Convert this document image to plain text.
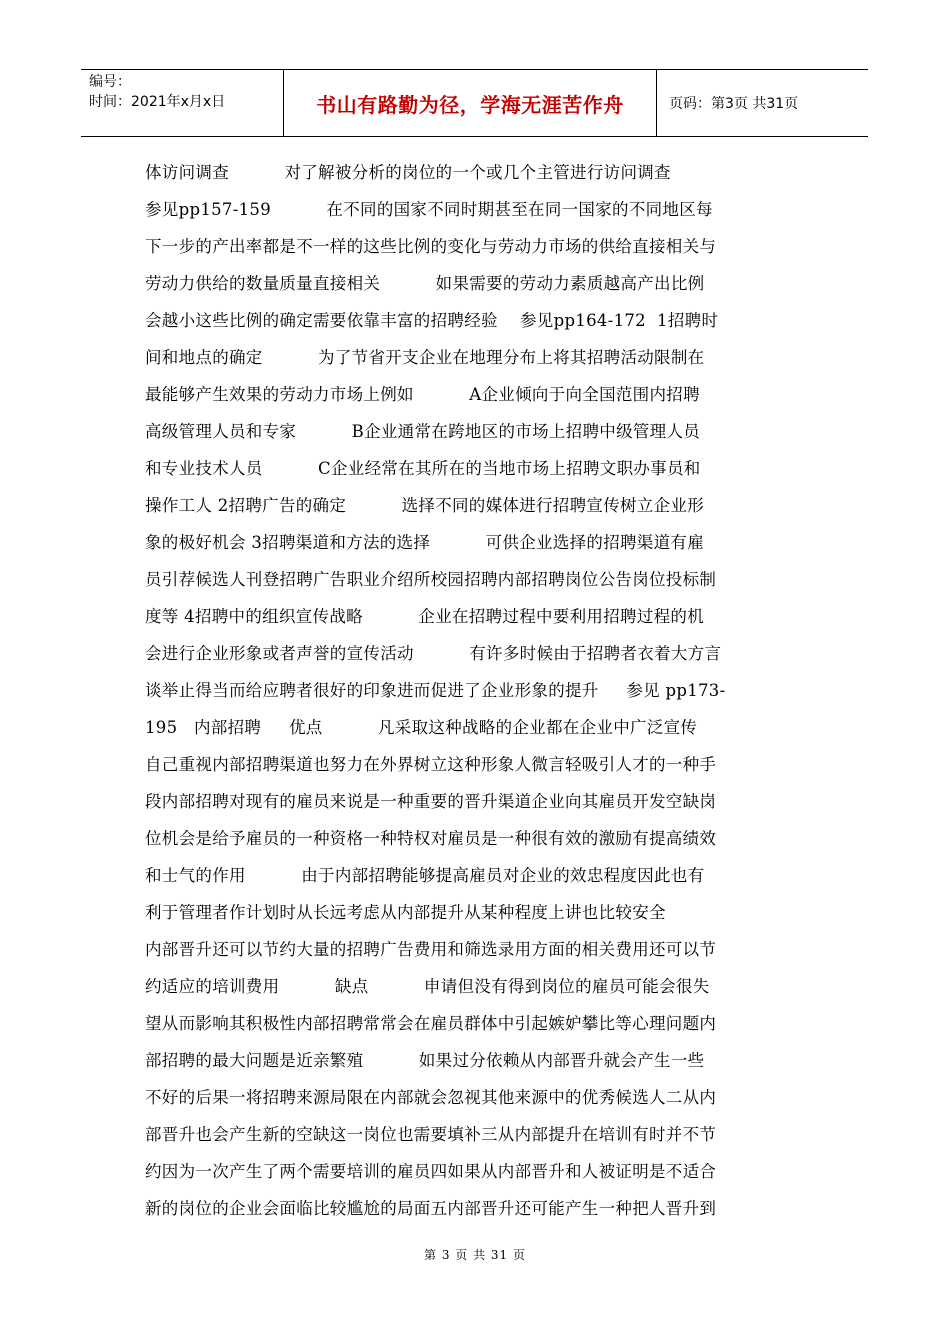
编号：
时间：2021年x月x日	书山有路勤为径，学海无涯苦作舟	页码：第3页 共31页
体访问调查          对了解被分析的岗位的一个或几个主管进行访问调查
参见pp157-159          在不同的国家不同时期甚至在同一国家的不同地区每
下一步的产出率都是不一样的这些比例的变化与劳动力市场的供给直接相关与
劳动力供给的数量质量直接相关          如果需要的劳动力素质越高产出比例
会越小这些比例的确定需要依靠丰富的招聘经验    参见pp164-172  1招聘时
间和地点的确定          为了节省开支企业在地理分布上将其招聘活动限制在
最能够产生效果的劳动力市场上例如          A企业倾向于向全国范围内招聘
高级管理人员和专家          B企业通常在跨地区的市场上招聘中级管理人员
和专业技术人员          C企业经常在其所在的当地市场上招聘文职办事员和
操作工人 2招聘广告的确定          选择不同的媒体进行招聘宣传树立企业形
象的极好机会 3招聘渠道和方法的选择          可供企业选择的招聘渠道有雇
员引荐候选人刊登招聘广告职业介绍所校园招聘内部招聘岗位公告岗位投标制
度等 4招聘中的组织宣传战略          企业在招聘过程中要利用招聘过程的机
会进行企业形象或者声誉的宣传活动          有许多时候由于招聘者衣着大方言
谈举止得当而给应聘者很好的印象进而促进了企业形象的提升     参见 pp173-
195   内部招聘     优点          凡采取这种战略的企业都在企业中广泛宣传
自己重视内部招聘渠道也努力在外界树立这种形象人微言轻吸引人才的一种手
段内部招聘对现有的雇员来说是一种重要的晋升渠道企业向其雇员开发空缺岗
位机会是给予雇员的一种资格一种特权对雇员是一种很有效的激励有提高绩效
和士气的作用          由于内部招聘能够提高雇员对企业的效忠程度因此也有
利于管理者作计划时从长远考虑从内部提升从某种程度上讲也比较安全
内部晋升还可以节约大量的招聘广告费用和筛选录用方面的相关费用还可以节
约适应的培训费用          缺点          申请但没有得到岗位的雇员可能会很失
望从而影响其积极性内部招聘常常会在雇员群体中引起嫉妒攀比等心理问题内
部招聘的最大问题是近亲繁殖          如果过分依赖从内部晋升就会产生一些
不好的后果一将招聘来源局限在内部就会忽视其他来源中的优秀候选人二从内
部晋升也会产生新的空缺这一岗位也需要填补三从内部提升在培训有时并不节
约因为一次产生了两个需要培训的雇员四如果从内部晋升和人被证明是不适合
新的岗位的企业会面临比较尴尬的局面五内部晋升还可能产生一种把人晋升到
第 3 页 共 31 页
